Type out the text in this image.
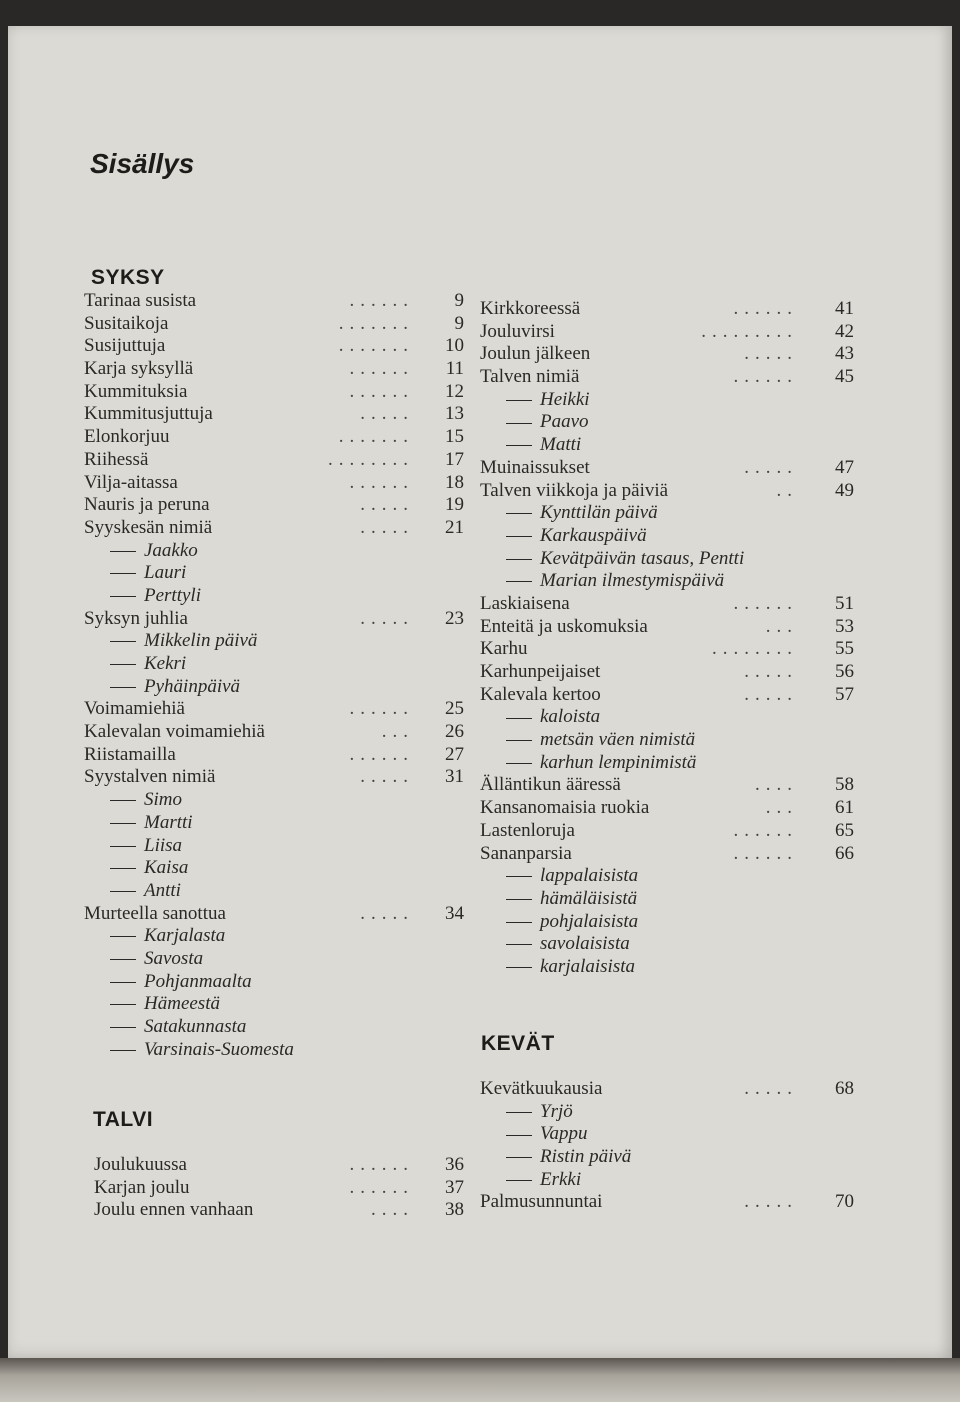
Sisällys
SYKSY
Tarinaa susista	......	9
Susitaikoja	.......	9
Susijuttuja	.......	10
Karja syksyllä	......	11
Kummituksia	......	12
Kummitusjuttuja	.....	13
Elonkorjuu	.......	15
Riihessä	........	17
Vilja-aitassa	......	18
Nauris ja peruna	.....	19
Syyskesän nimiä	.....	21
Jaakko
Lauri
Perttyli
Syksyn juhlia	.....	23
Mikkelin päivä
Kekri
Pyhäinpäivä
Voimamiehiä	......	25
Kalevalan voimamiehiä	...	26
Riistamailla	......	27
Syystalven nimiä	.....	31
Simo
Martti
Liisa
Kaisa
Antti
Murteella sanottua	.....	34
Karjalasta
Savosta
Pohjanmaalta
Hämeestä
Satakunnasta
Varsinais-Suomesta
TALVI
Joulukuussa	......	36
Karjan joulu	......	37
Joulu ennen vanhaan	....	38
Kirkkoreessä	......	41
Jouluvirsi	.........	42
Joulun jälkeen	.....	43
Talven nimiä	......	45
Heikki
Paavo
Matti
Muinaissukset	.....	47
Talven viikkoja ja päiviä	..	49
Kynttilän päivä
Karkauspäivä
Kevätpäivän tasaus, Pentti
Marian ilmestymispäivä
Laskiaisena	......	51
Enteitä ja uskomuksia	...	53
Karhu	........	55
Karhunpeijaiset	.....	56
Kalevala kertoo	.....	57
kaloista
metsän väen nimistä
karhun lempinimistä
Älläntikun ääressä	....	58
Kansanomaisia ruokia	...	61
Lastenloruja	......	65
Sananparsia	......	66
lappalaisista
hämäläisistä
pohjalaisista
savolaisista
karjalaisista
KEVÄT
Kevätkuukausia	.....	68
Yrjö
Vappu
Ristin päivä
Erkki
Palmusunnuntai	.....	70
